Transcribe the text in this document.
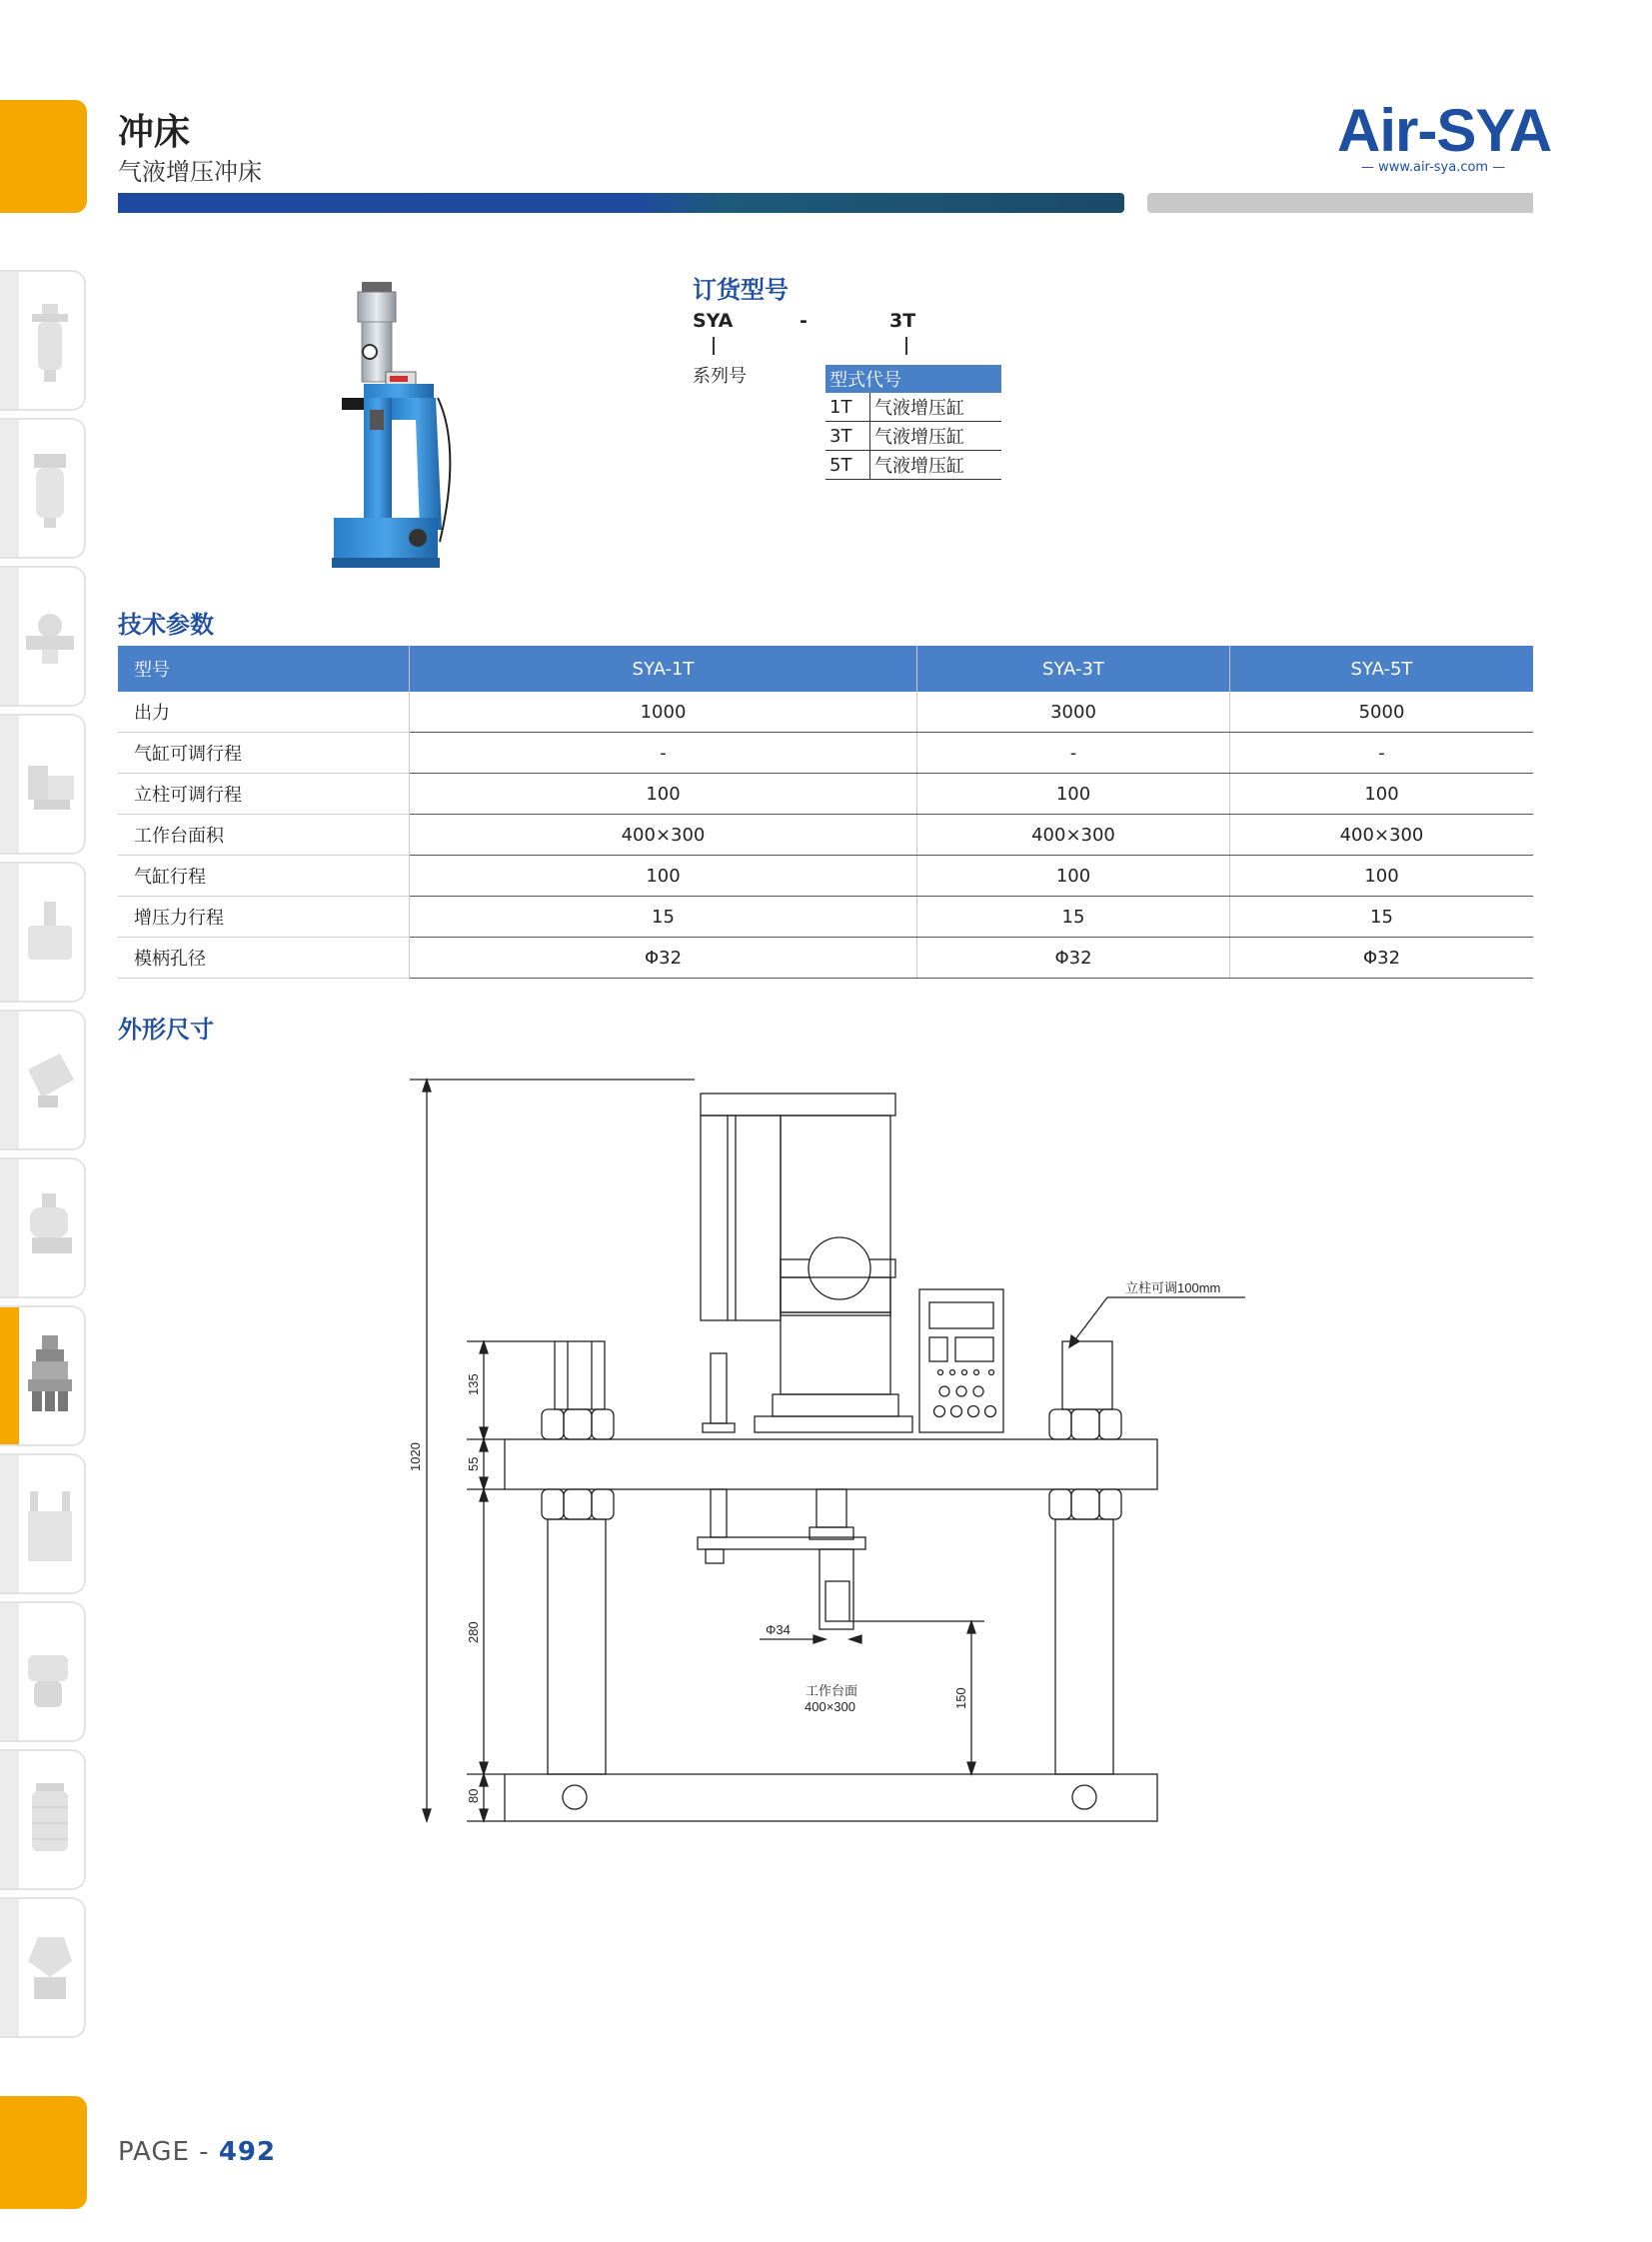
冲床
气液增压冲床
Air-SYA
— www.air-sya.com —
订货型号
SYA	-	3T
系列号	型式代号	
1T	气液增压缸
3T	气液增压缸
5T	气液增压缸
技术参数
型号	SYA-1T	SYA-3T	SYA-5T
出力	1000	3000	5000
气缸可调行程	-	-	-
立柱可调行程	100	100	100
工作台面积	400×300	400×300	400×300
气缸行程	100	100	100
增压力行程	15	15	15
模柄孔径	Φ32	Φ32	Φ32
外形尺寸
立柱可调100mm
Φ34
150
工作台面
400×300
135
55
280
80
1020
PAGE - 492
